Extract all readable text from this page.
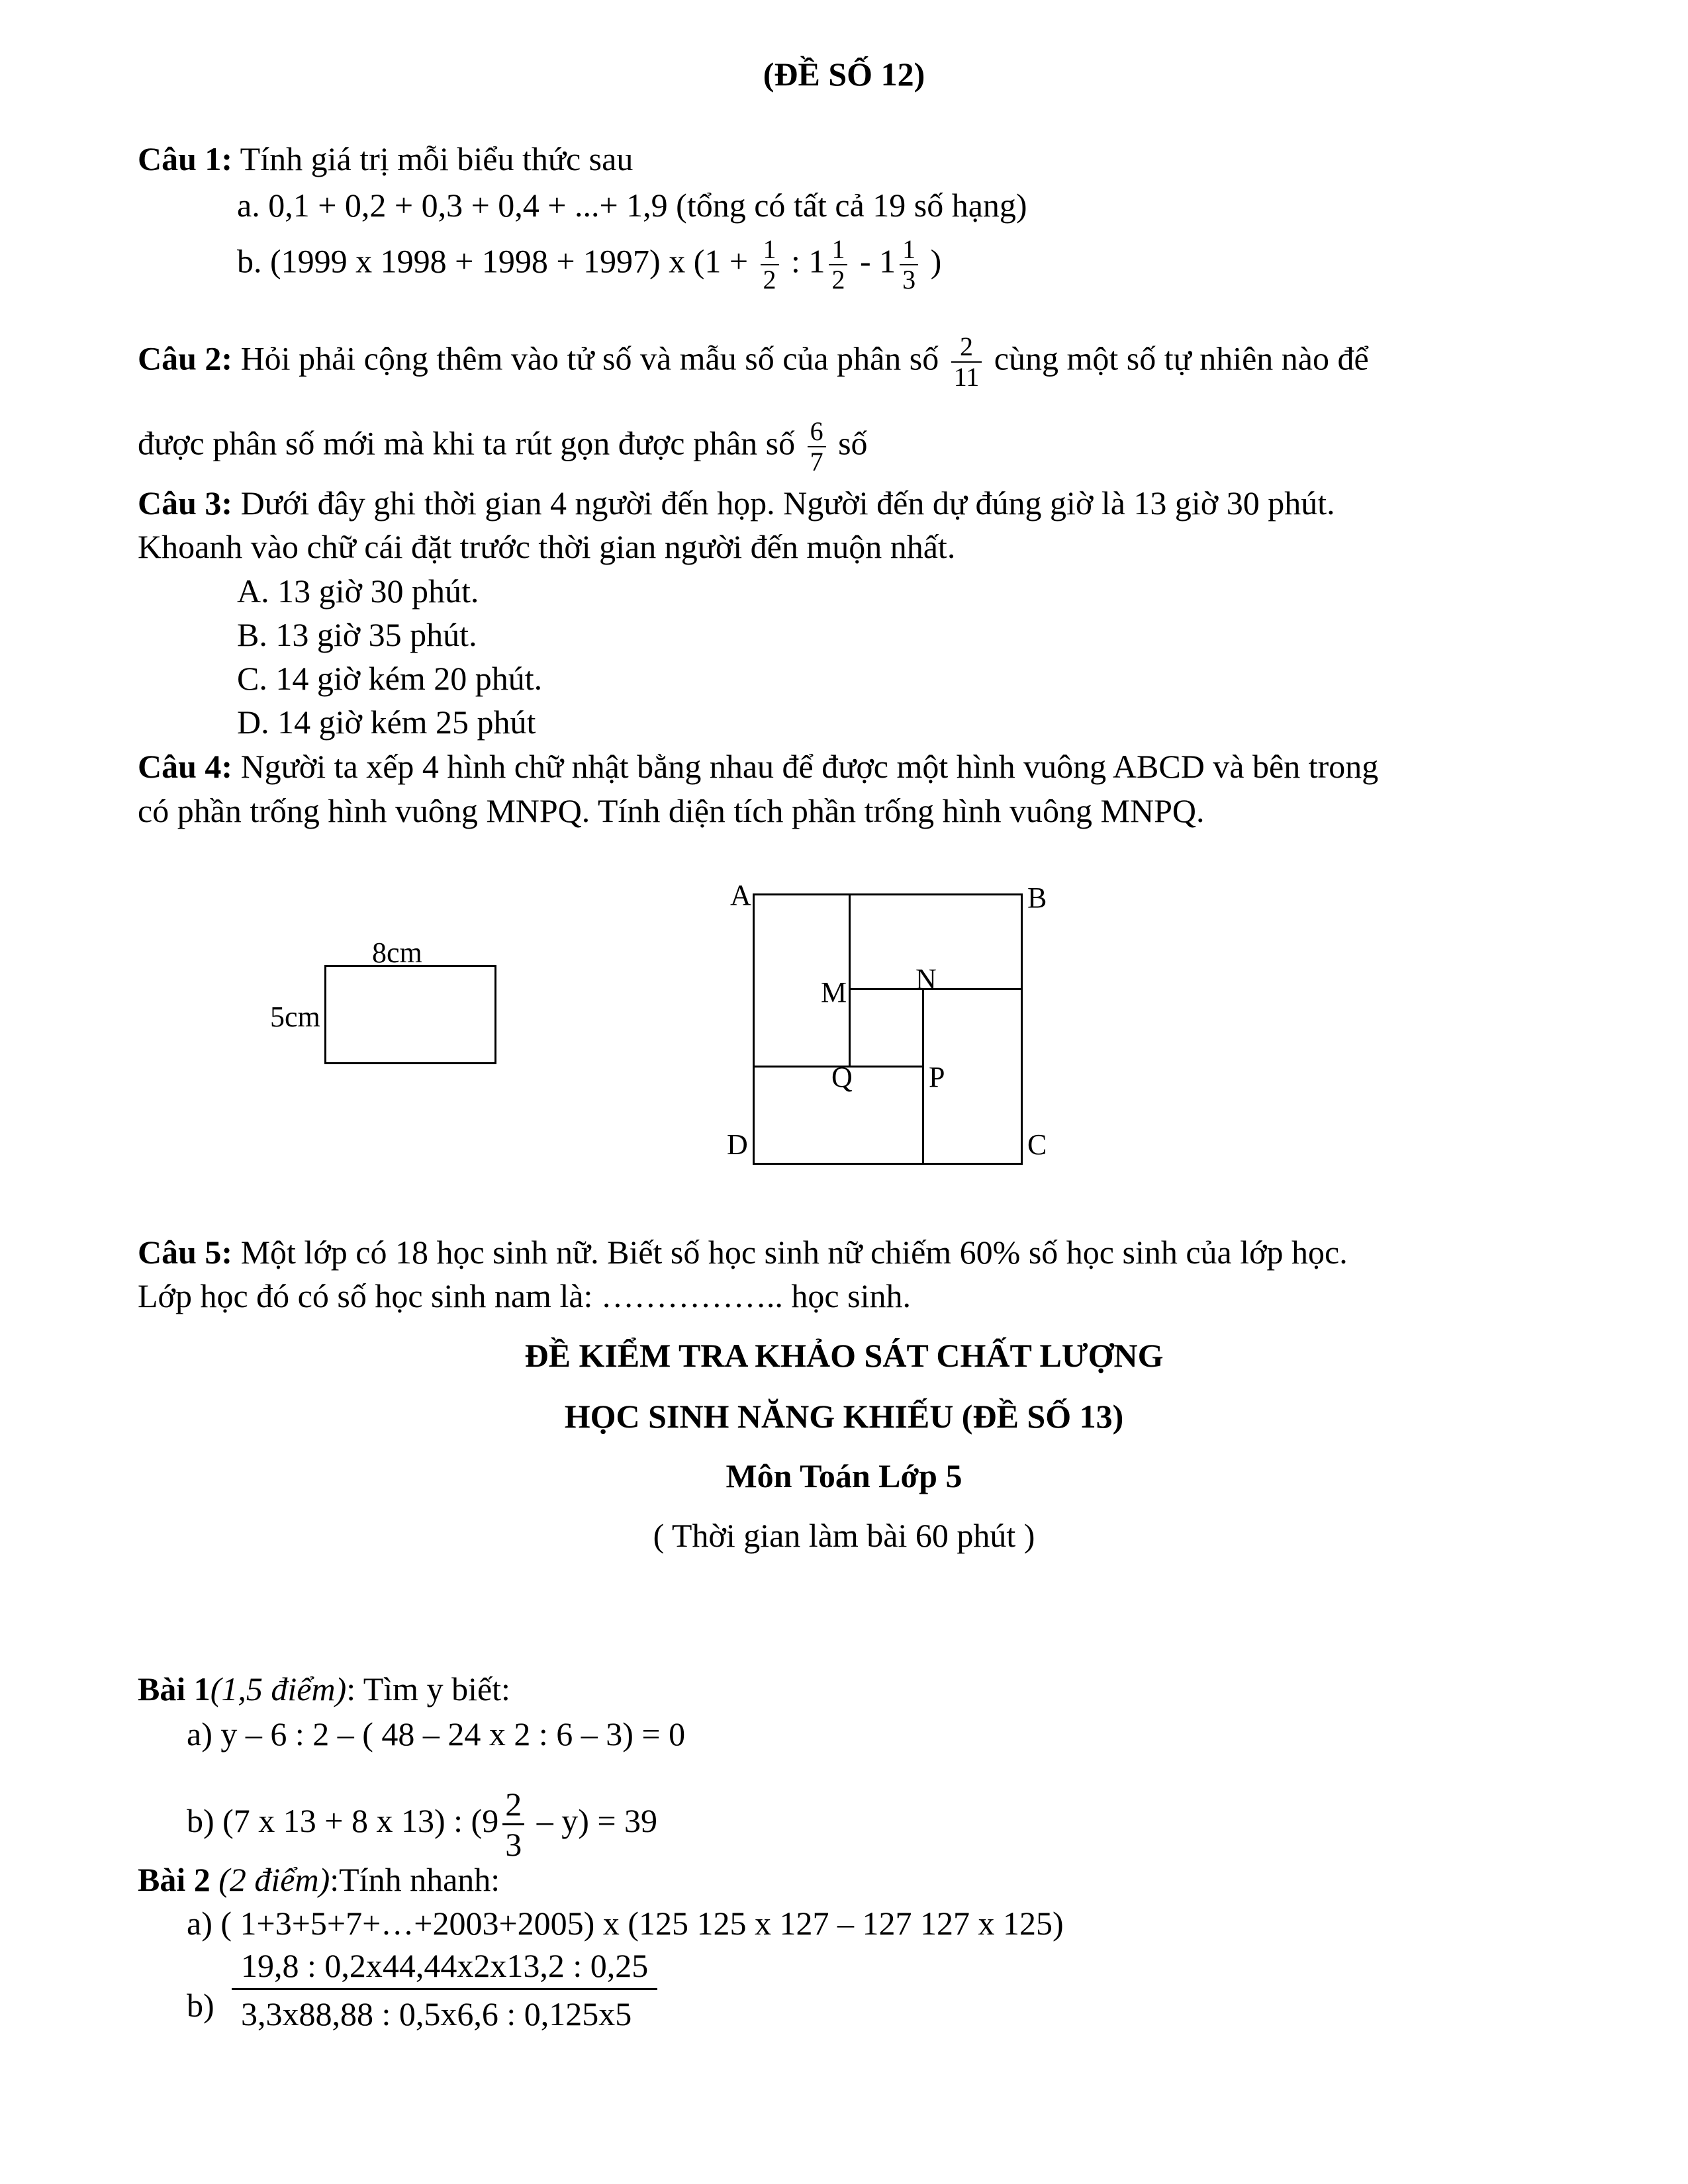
(ĐỀ SỐ 12)
Câu 1: Tính giá trị mỗi biểu thức sau
a. 0,1 + 0,2 + 0,3 + 0,4 + ...+ 1,9 (tổng có tất cả 19 số hạng)
b. (1999 x 1998 + 1998 + 1997) x ($1 + \frac{1}{2}$ : $1 \frac{1}{2} - 1 \frac{1}{3}$ )
Câu 2: Hỏi phải cộng thêm vào tử số và mẫu số của phân số $\frac{2}{11}$ cùng một số tự nhiên nào để
được phân số mới mà khi ta rút gọn được phân số $\frac{6}{7}$ số
Câu 3: Dưới đây ghi thời gian 4 người đến họp. Người đến dự đúng giờ là 13 giờ 30 phút.
Khoanh vào chữ cái đặt trước thời gian người đến muộn nhất.
A. 13 giờ 30 phút.
B. 13 giờ 35 phút.
C. 14 giờ kém 20 phút.
D. 14 giờ kém 25 phút
Câu 4: Người ta xếp 4 hình chữ nhật bằng nhau để được một hình vuông ABCD và bên trong
có phần trống hình vuông MNPQ. Tính diện tích phần trống hình vuông MNPQ.
8cm
5cm
A	B
C
D
M N
P
Q
Câu 5: Một lớp có 18 học sinh nữ. Biết số học sinh nữ chiếm 60% số học sinh của lớp học.
Lớp học đó có số học sinh nam là: …………….. học sinh.
ĐỀ KIỂM TRA KHẢO SÁT CHẤT LƯỢNG
HỌC SINH NĂNG KHIẾU (ĐỀ SỐ 13)
Môn Toán Lớp 5
( Thời gian làm bài 60 phút )
Bài 1(1,5 điểm): Tìm y biết:
a) y – 6 : 2 – ( 48 – 24 x 2 : 6 – 3) = 0
b) (7 x 13 + 8 x 13) : $(9 \frac{2}{3} - y) = 39$
Bài 2 (2 điểm):Tính nhanh:
a) ( 1+3+5+7+…+2003+2005) x (125 125 x 127 – 127 127 x 125)
$b) \frac{19,8 : 0,2x44,44x2x13,2 : 0,25}{3,3x88,88 : 0,5x6,6 : 0,125x5}$
